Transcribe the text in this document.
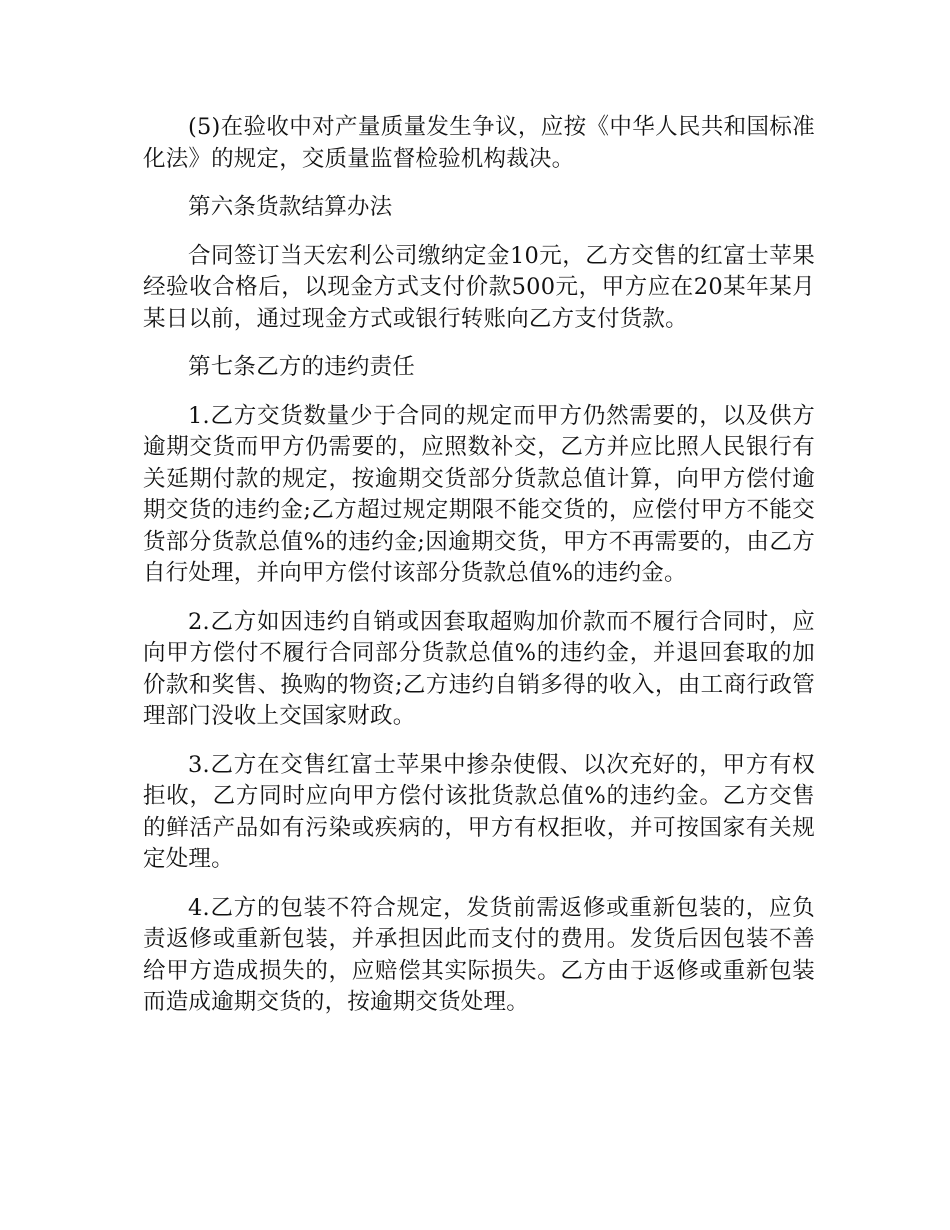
(5)在验收中对产量质量发生争议，应按《中华人民共和国标准化法》的规定，交质量监督检验机构裁决。

第六条货款结算办法

合同签订当天宏利公司缴纳定金10元，乙方交售的红富士苹果经验收合格后，以现金方式支付价款500元，甲方应在20某年某月某日以前，通过现金方式或银行转账向乙方支付货款。

第七条乙方的违约责任

1.乙方交货数量少于合同的规定而甲方仍然需要的，以及供方逾期交货而甲方仍需要的，应照数补交，乙方并应比照人民银行有关延期付款的规定，按逾期交货部分货款总值计算，向甲方偿付逾期交货的违约金;乙方超过规定期限不能交货的，应偿付甲方不能交货部分货款总值%的违约金;因逾期交货，甲方不再需要的，由乙方自行处理，并向甲方偿付该部分货款总值%的违约金。

2.乙方如因违约自销或因套取超购加价款而不履行合同时，应向甲方偿付不履行合同部分货款总值%的违约金，并退回套取的加价款和奖售、换购的物资;乙方违约自销多得的收入，由工商行政管理部门没收上交国家财政。

3.乙方在交售红富士苹果中掺杂使假、以次充好的，甲方有权拒收，乙方同时应向甲方偿付该批货款总值%的违约金。乙方交售的鲜活产品如有污染或疾病的，甲方有权拒收，并可按国家有关规定处理。

4.乙方的包装不符合规定，发货前需返修或重新包装的，应负责返修或重新包装，并承担因此而支付的费用。发货后因包装不善给甲方造成损失的，应赔偿其实际损失。乙方由于返修或重新包装而造成逾期交货的，按逾期交货处理。
